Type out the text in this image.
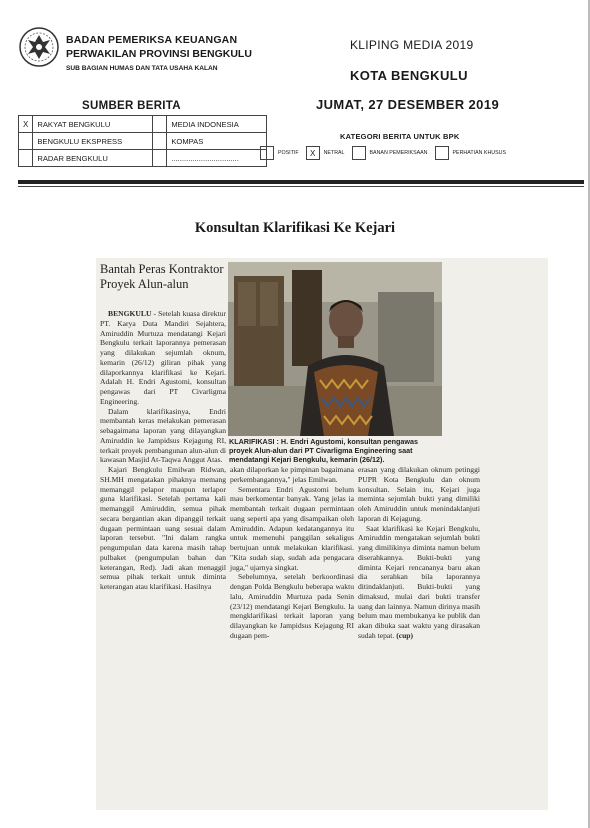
BADAN PEMERIKSA KEUANGAN
PERWAKILAN PROVINSI BENGKULU
SUB BAGIAN HUMAS DAN TATA USAHA KALAN
KLIPING MEDIA 2019
KOTA BENGKULU
JUMAT, 27 DESEMBER 2019
SUMBER BERITA
X	RAKYAT BENGKULU		MEDIA INDONESIA
	BENGKULU EKSPRESS		KOMPAS
	RADAR BENGKULU		................................
KATEGORI BERITA UNTUK BPK
POSITIF	X	NETRAL	BANAN PEMERIKSAAN	PERHATIAN KHUSUS
Konsultan Klarifikasi Ke Kejari
Bantah Peras Kontraktor Proyek Alun-alun
KLARIFIKASI : H. Endri Agustomi, konsultan pengawas proyek Alun-alun dari PT Civarligma Engineering saat mendatangi Kejari Bengkulu, kemarin (26/12).

BENGKULU - Setelah kuasa direktur PT. Karya Duta Mandiri Sejahtera, Amiruddin Murtuza mendatangi Kejari Bengkulu terkait laporannya pemerasan yang dilakukan sejumlah oknum, kemarin (26/12) giliran pihak yang dilaporkannya klarifikasi ke Kejari. Adalah H. Endri Agustomi, konsultan pengawas dari PT Civarligma Engineering.

Dalam klarifikasinya, Endri membantah keras melakukan pemerasan sebagaimana laporan yang dilayangkan Amiruddin ke Jampidsus Kejagung RI, terkait proyek pembangunan alun-alun di kawasan Masjid At-Taqwa Anggut Atas.

Kajari Bengkulu Emilwan Ridwan, SH.MH mengatakan pihaknya memang memanggil pelapor maupun terlapor guna klarifikasi. Setelah pertama kali memanggil Amiruddin, semua pihak secara bergantian akan dipanggil terkait dugaan permintaan uang sesuai dalam laporan tersebut. "Ini dalam rangka pengumpulan data karena masih tahap pulbaket (pengumpulan bahan dan keterangan, Red). Jadi akan menaggil semua pihak terkait untuk diminta keterangan atau klarifikasi. Hasilnya

akan dilaporkan ke pimpinan bagaimana perkembangannya," jelas Emilwan.

Sementara Endri Agustomi belum mau berkomentar banyak. Yang jelas ia membantah terkait dugaan permintaan uang seperti apa yang disampaikan oleh Amiruddin. Adapun kedatangannya itu untuk memenuhi panggilan sekaligus bertujuan untuk melakukan klarifikasi. "Kita sudah siap, sudah ada pengacara juga," ujarnya singkat.

Sebelumnya, setelah berkoordinasi dengan Polda Bengkulu beberapa waktu lalu, Amiruddin Murtuza pada Senin (23/12) mendatangi Kejari Bengkulu. Ia mengklarifikasi terkait laporan yang dilayangkan ke Jampidsus Kejagung RI dugaan pem-

erasan yang dilakukan oknum petinggi PUPR Kota Bengkulu dan oknum konsultan. Selain itu, Kejari juga meminta sejumlah bukti yang dimiliki oleh Amiruddin untuk menindaklanjuti laporan di Kejagung.

Saat klarifikasi ke Kejari Bengkulu, Amiruddin mengatakan sejumlah bukti yang dimilikinya diminta namun belum diserahkannya. Bukti-bukti yang diminta Kejari rencananya baru akan dia serahkan bila laporannya ditindaklanjuti. Bukti-bukti yang dimaksud, mulai dari bukti transfer uang dan lainnya. Namun dirinya masih belum mau membukanya ke publik dan akan dibuka saat waktu yang dirasakan sudah tepat. (cup)
